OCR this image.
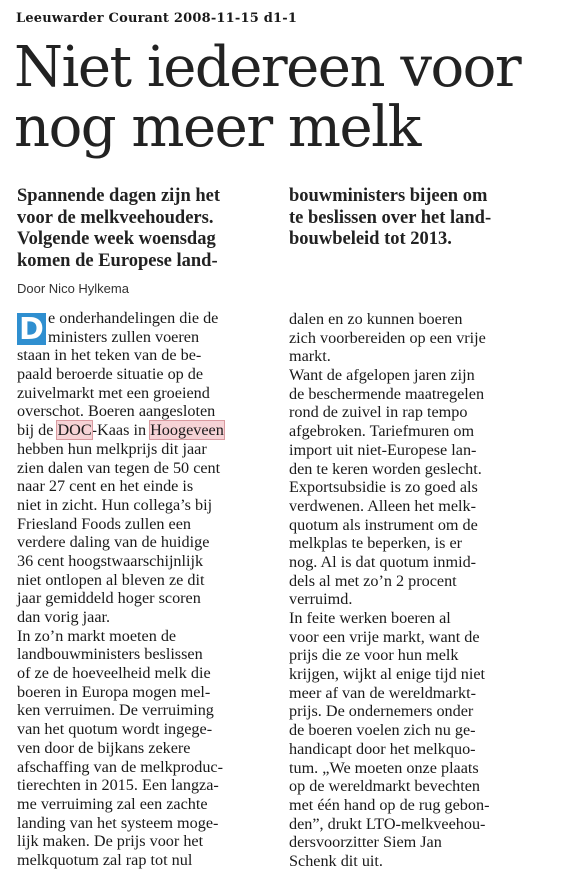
Leeuwarder Courant 2008-11-15 d1-1
Niet iedereen voor
nog meer melk
Spannende dagen zijn het
voor de melkveehouders.
Volgende week woensdag
komen de Europese land-
bouwministers bijeen om
te beslissen over het land-
bouwbeleid tot 2013.
Door Nico Hylkema
D e onderhandelingen die de
ministers zullen voeren
staan in het teken van de be-
paald beroerde situatie op de
zuivelmarkt met een groeiend
overschot. Boeren aangesloten
bij de DOC-Kaas in Hoogeveen
hebben hun melkprijs dit jaar
zien dalen van tegen de 50 cent
naar 27 cent en het einde is
niet in zicht. Hun collega’s bij
Friesland Foods zullen een
verdere daling van de huidige
36 cent hoogstwaarschijnlijk
niet ontlopen al bleven ze dit
jaar gemiddeld hoger scoren
dan vorig jaar.
In zo’n markt moeten de
landbouwministers beslissen
of ze de hoeveelheid melk die
boeren in Europa mogen mel-
ken verruimen. De verruiming
van het quotum wordt ingege-
ven door de bijkans zekere
afschaffing van de melkproduc-
tierechten in 2015. Een langza-
me verruiming zal een zachte
landing van het systeem moge-
lijk maken. De prijs voor het
melkquotum zal rap tot nul
dalen en zo kunnen boeren
zich voorbereiden op een vrije
markt.
Want de afgelopen jaren zijn
de beschermende maatregelen
rond de zuivel in rap tempo
afgebroken. Tariefmuren om
import uit niet-Europese lan-
den te keren worden geslecht.
Exportsubsidie is zo goed als
verdwenen. Alleen het melk-
quotum als instrument om de
melkplas te beperken, is er
nog. Al is dat quotum inmid-
dels al met zo’n 2 procent
verruimd.
In feite werken boeren al
voor een vrije markt, want de
prijs die ze voor hun melk
krijgen, wijkt al enige tijd niet
meer af van de wereldmarkt-
prijs. De ondernemers onder
de boeren voelen zich nu ge-
handicapt door het melkquo-
tum. „We moeten onze plaats
op de wereldmarkt bevechten
met één hand op de rug gebon-
den”, drukt LTO-melkveehou-
dersvoorzitter Siem Jan
Schenk dit uit.
